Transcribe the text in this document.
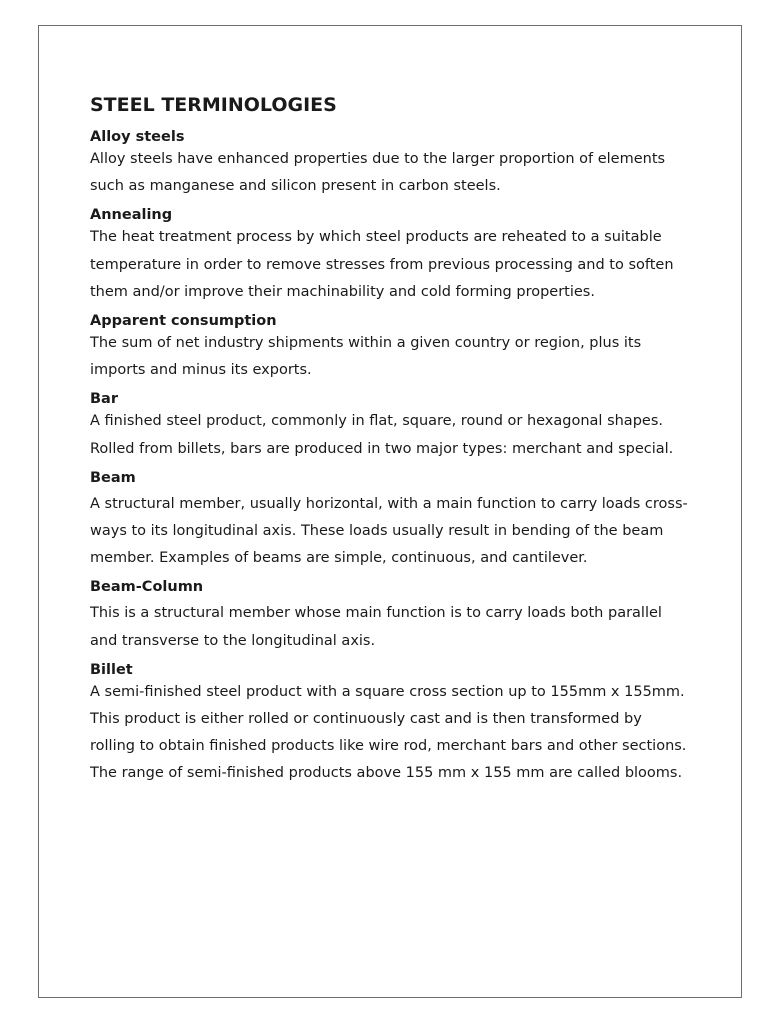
STEEL TERMINOLOGIES

Alloy steels

Alloy steels have enhanced properties due to the larger proportion of elements such as manganese and silicon present in carbon steels.

Annealing

The heat treatment process by which steel products are reheated to a suitable temperature in order to remove stresses from previous processing and to soften them and/or improve their machinability and cold forming properties.

Apparent consumption

The sum of net industry shipments within a given country or region, plus its imports and minus its exports.

Bar

A finished steel product, commonly in flat, square, round or hexagonal shapes. Rolled from billets, bars are produced in two major types: merchant and special.

Beam

A structural member, usually horizontal, with a main function to carry loads cross-ways to its longitudinal axis. These loads usually result in bending of the beam member. Examples of beams are simple, continuous, and cantilever.

Beam-Column

This is a structural member whose main function is to carry loads both parallel and transverse to the longitudinal axis.

Billet

A semi-finished steel product with a square cross section up to 155mm x 155mm. This product is either rolled or continuously cast and is then transformed by rolling to obtain finished products like wire rod, merchant bars and other sections. The range of semi-finished products above 155 mm x 155 mm are called blooms.
